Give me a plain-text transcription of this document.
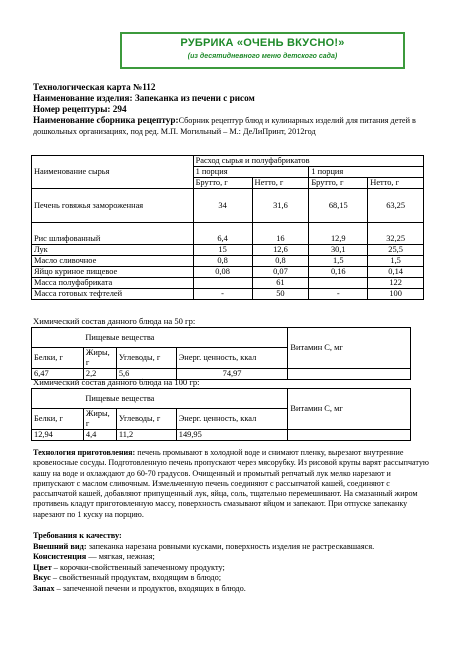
РУБРИКА «ОЧЕНЬ ВКУСНО!»
(из десятидневного меню детского сада)
Технологическая карта №112
Наименование изделия: Запеканка из печени с рисом
Номер рецептуры: 294
Наименование сборника рецептур:Сборник рецептур блюд и кулинарных изделий для питания детей в дошкольных организациях, под ред. М.П. Могильный – М.: ДеЛиПринт, 2012год
Наименование сырья	Расход сырья и полуфабрикатов			
	1 порция		1 порция	
	Брутто, г	Нетто, г	Брутто, г	Нетто, г
Печень говяжья замороженная	34	31,6	68,15	63,25
Рис шлифованный	6,4	16	12,9	32,25
Лук	15	12,6	30,1	25,5
Масло сливочное	0,8	0,8	1,5	1,5
Яйцо куриное пищевое	0,08	0,07	0,16	0,14
Масса полуфабриката		61		122
Масса готовых тефтелей	-	50	-	100
Химический состав данного блюда на 50 гр:
	Пищевые вещества			Витамин С, мг
Белки, г	Жиры, г	Углеводы, г	Энерг. ценность, ккал	
6,47	2,2	5,6	74,97	
Химический состав данного блюда на 100 гр:
	Пищевые вещества			Витамин С, мг
Белки, г	Жиры, г	Углеводы, г	Энерг. ценность, ккал	
12,94	4,4	11,2	149,95	
Технология приготовления: печень промывают в холодной воде и снимают пленку, вырезают внутренние кровеносные сосуды. Подготовленную печень пропускают через мясорубку. Из рисовой крупы варят рассыпчатую кашу на воде и охлаждают до 60-70 градусов. Очищенный и промытый репчатый лук мелко нарезают и припускают с маслом сливочным. Измельченную печень соединяют с рассыпчатой кашей, соединяют с рассыпчатой кашей, добавляют припущенный лук, яйца, соль, тщательно перемешивают. На смазанный жиром противень кладут приготовленную массу, поверхность смазывают яйцом и запекают. При отпуске запеканку нарезают по 1 куску на порцию.
Требования к качеству:
Внешний вид: запеканка нарезана ровными кусками, поверхность изделия не растрескавшаяся.
Консистенция — мягкая, нежная;
Цвет – корочки-свойственный запеченному продукту;
Вкус – свойственный продуктам, входящим в блюдо;
Запах – запеченной печени и продуктов, входящих в блюдо.
